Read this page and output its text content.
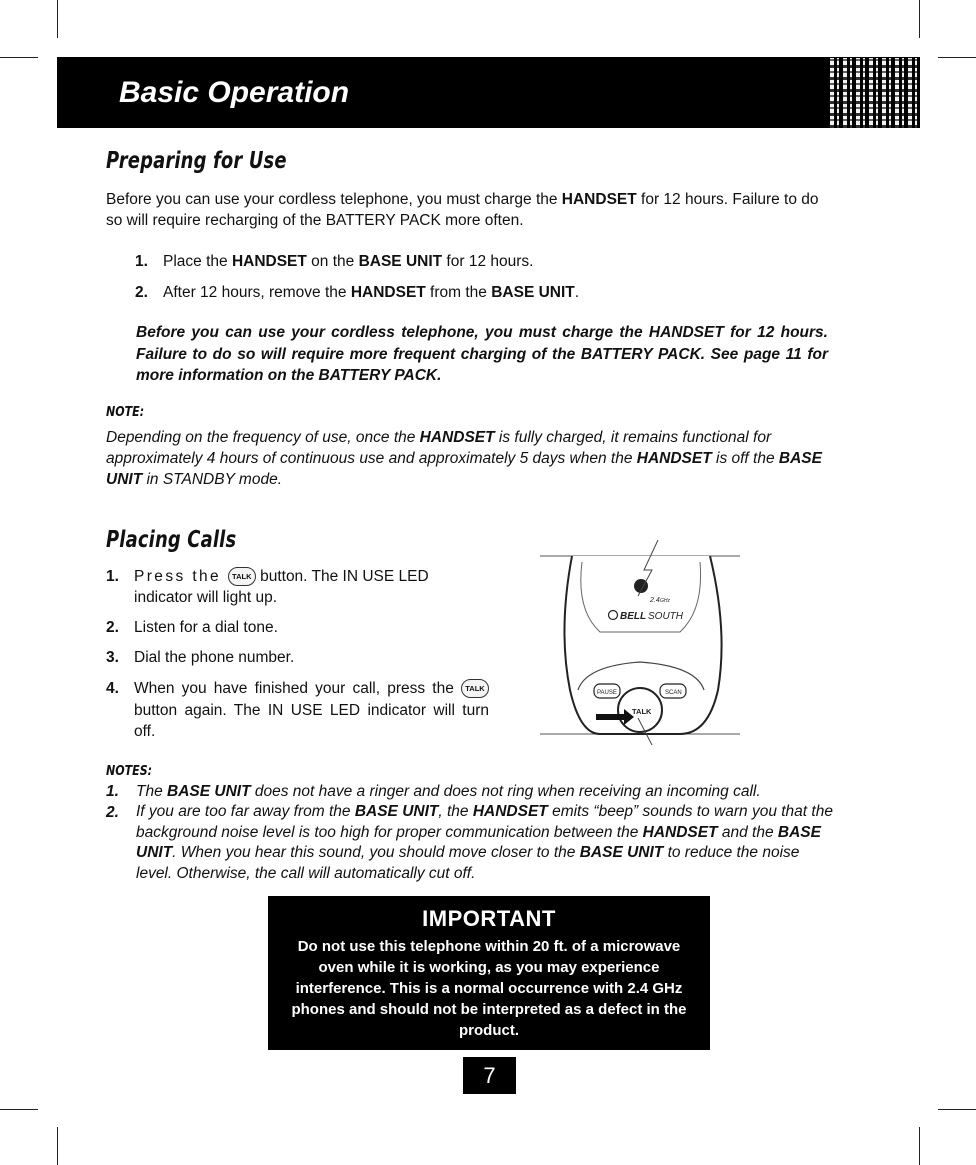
Basic Operation
Preparing for Use
Before you can use your cordless telephone, you must charge the HANDSET for 12 hours. Failure to do so will require recharging of the BATTERY PACK more often.
1. Place the HANDSET on the BASE UNIT for 12 hours.
2. After 12 hours, remove the HANDSET from the BASE UNIT.
Before you can use your cordless telephone, you must charge the HANDSET for 12 hours. Failure to do so will require more frequent charging of the BATTERY PACK. See page 11 for more information on the BATTERY PACK.
NOTE:
Depending on the frequency of use, once the HANDSET is fully charged, it remains functional for approximately 4 hours of continuous use and approximately 5 days when the HANDSET is off the BASE UNIT in STANDBY mode.
Placing Calls
1. Press the TALK button. The IN USE LED indicator will light up.
2. Listen for a dial tone.
3. Dial the phone number.
4. When you have finished your call, press the TALK button again. The IN USE LED indicator will turn off.
2.4 GHz
BELL SOUTH
PAUSE	SCAN
TALK
NOTES:
1.	The BASE UNIT does not have a ringer and does not ring when receiving an incoming call.
2.	If you are too far away from the BASE UNIT, the HANDSET emits “beep” sounds to warn you that the background noise level is too high for proper communication between the HANDSET and the BASE UNIT. When you hear this sound, you should move closer to the BASE UNIT to reduce the noise level. Otherwise, the call will automatically cut off.
IMPORTANT
Do not use this telephone within 20 ft. of a microwave oven while it is working, as you may experience interference. This is a normal occurrence with 2.4 GHz phones and should not be interpreted as a defect in the product.
7
